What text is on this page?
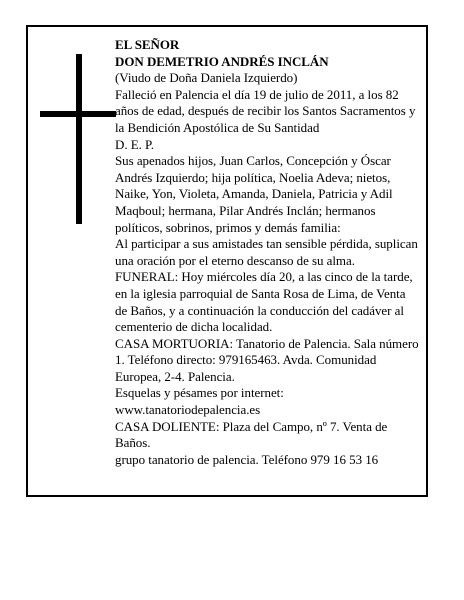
EL SEÑOR

DON DEMETRIO ANDRÉS INCLÁN

(Viudo de Doña Daniela Izquierdo)

Falleció en Palencia el día 19 de julio de 2011, a los 82 años de edad, después de recibir los Santos Sacramentos y la Bendición Apostólica de Su Santidad

D. E. P.

Sus apenados hijos, Juan Carlos, Concepción y Óscar Andrés Izquierdo; hija política, Noelia Adeva; nietos, Naike, Yon, Violeta, Amanda, Daniela, Patricia y Adil Maqboul; hermana, Pilar Andrés Inclán; hermanos políticos, sobrinos, primos y demás familia:

Al participar a sus amistades tan sensible pérdida, suplican una oración por el eterno descanso de su alma.

FUNERAL: Hoy miércoles día 20, a las cinco de la tarde, en la iglesia parroquial de Santa Rosa de Lima, de Venta de Baños, y a continuación la conducción del cadáver al cementerio de dicha localidad.

CASA MORTUORIA: Tanatorio de Palencia. Sala número 1. Teléfono directo: 979165463. Avda. Comunidad Europea, 2-4. Palencia.

Esquelas y pésames por internet:

www.tanatoriodepalencia.es

CASA DOLIENTE: Plaza del Campo, nº 7. Venta de Baños.

grupo tanatorio de palencia. Teléfono 979 16 53 16
